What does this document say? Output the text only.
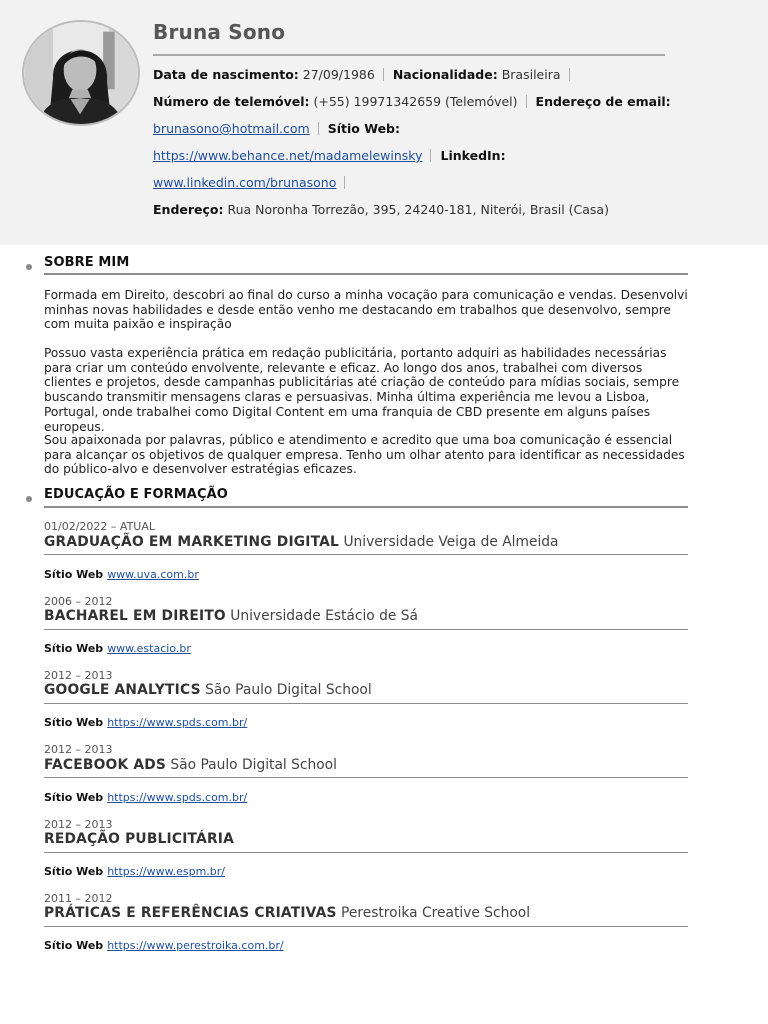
Bruna Sono
Data de nascimento: 27/09/1986 Nacionalidade: Brasileira
Número de telemóvel: (+55) 19971342659 (Telemóvel) Endereço de email:
brunasono@hotmail.com Sítio Web:
https://www.behance.net/madamelewinsky LinkedIn:
www.linkedin.com/brunasono
Endereço: Rua Noronha Torrezão, 395, 24240-181, Niterói, Brasil (Casa)
SOBRE MIM
Formada em Direito, descobri ao final do curso a minha vocação para comunicação e vendas. Desenvolvi minhas novas habilidades e desde então venho me destacando em trabalhos que desenvolvo, sempre com muita paixão e inspiração
Possuo vasta experiência prática em redação publicitária, portanto adquiri as habilidades necessárias para criar um conteúdo envolvente, relevante e eficaz. Ao longo dos anos, trabalhei com diversos clientes e projetos, desde campanhas publicitárias até criação de conteúdo para mídias sociais, sempre buscando transmitir mensagens claras e persuasivas. Minha última experiência me levou a Lisboa, Portugal, onde trabalhei como Digital Content em uma franquia de CBD presente em alguns países europeus.
Sou apaixonada por palavras, público e atendimento e acredito que uma boa comunicação é essencial para alcançar os objetivos de qualquer empresa. Tenho um olhar atento para identificar as necessidades do público-alvo e desenvolver estratégias eficazes.
EDUCAÇÃO E FORMAÇÃO
01/02/2022 – ATUAL
GRADUAÇÃO EM MARKETING DIGITAL Universidade Veiga de Almeida
Sítio Web www.uva.com.br
2006 – 2012
BACHAREL EM DIREITO Universidade Estácio de Sá
Sítio Web www.estacio.br
2012 – 2013
GOOGLE ANALYTICS São Paulo Digital School
Sítio Web https://www.spds.com.br/
2012 – 2013
FACEBOOK ADS São Paulo Digital School
Sítio Web https://www.spds.com.br/
2012 – 2013
REDAÇÃO PUBLICITÁRIA
Sítio Web https://www.espm.br/
2011 – 2012
PRÁTICAS E REFERÊNCIAS CRIATIVAS Perestroika Creative School
Sítio Web https://www.perestroika.com.br/
